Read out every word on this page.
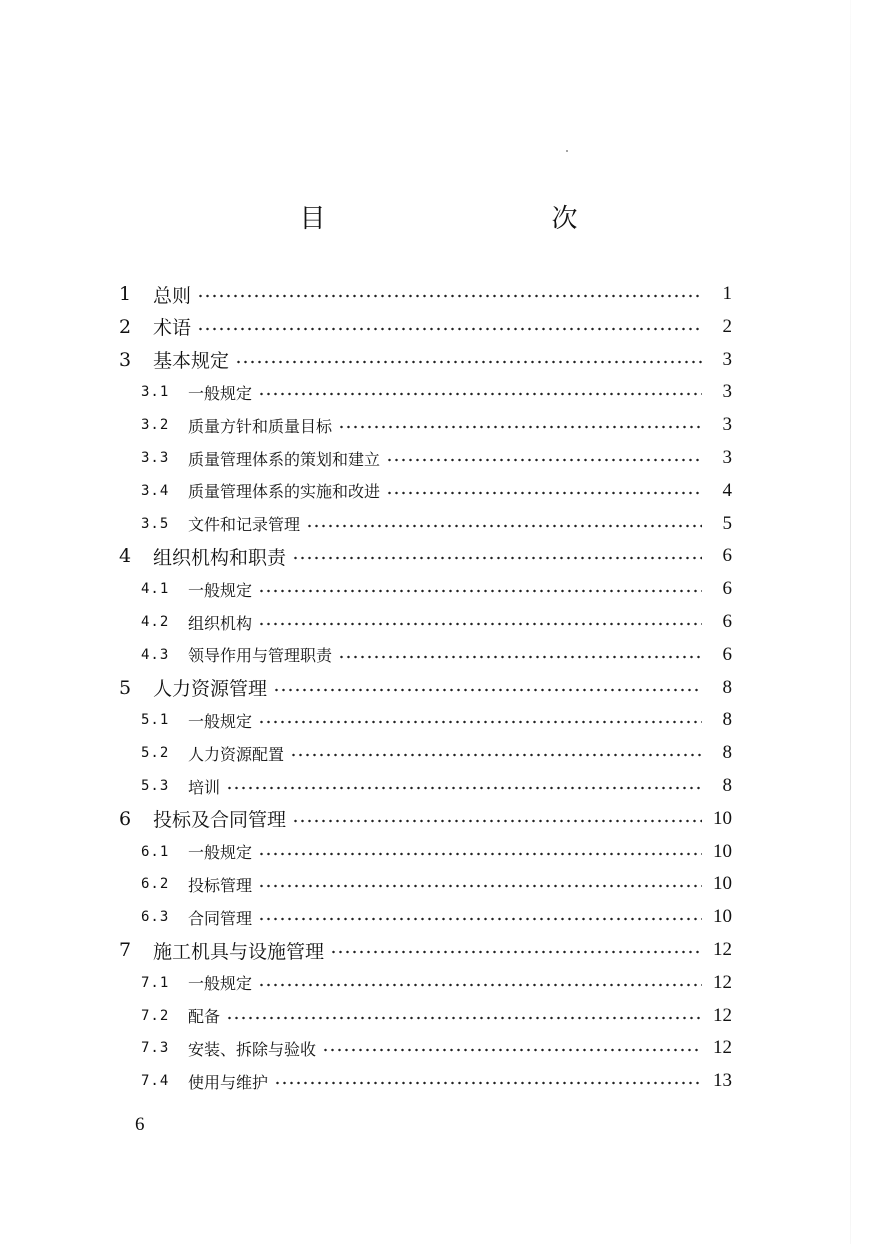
目　　次
1	总则	1
2	术语	2
3	基本规定	3
3.1	一般规定	3
3.2	质量方针和质量目标	3
3.3	质量管理体系的策划和建立	3
3.4	质量管理体系的实施和改进	4
3.5	文件和记录管理	5
4	组织机构和职责	6
4.1	一般规定	6
4.2	组织机构	6
4.3	领导作用与管理职责	6
5	人力资源管理	8
5.1	一般规定	8
5.2	人力资源配置	8
5.3	培训	8
6	投标及合同管理	10
6.1	一般规定	10
6.2	投标管理	10
6.3	合同管理	10
7	施工机具与设施管理	12
7.1	一般规定	12
7.2	配备	12
7.3	安装、拆除与验收	12
7.4	使用与维护	13
6
